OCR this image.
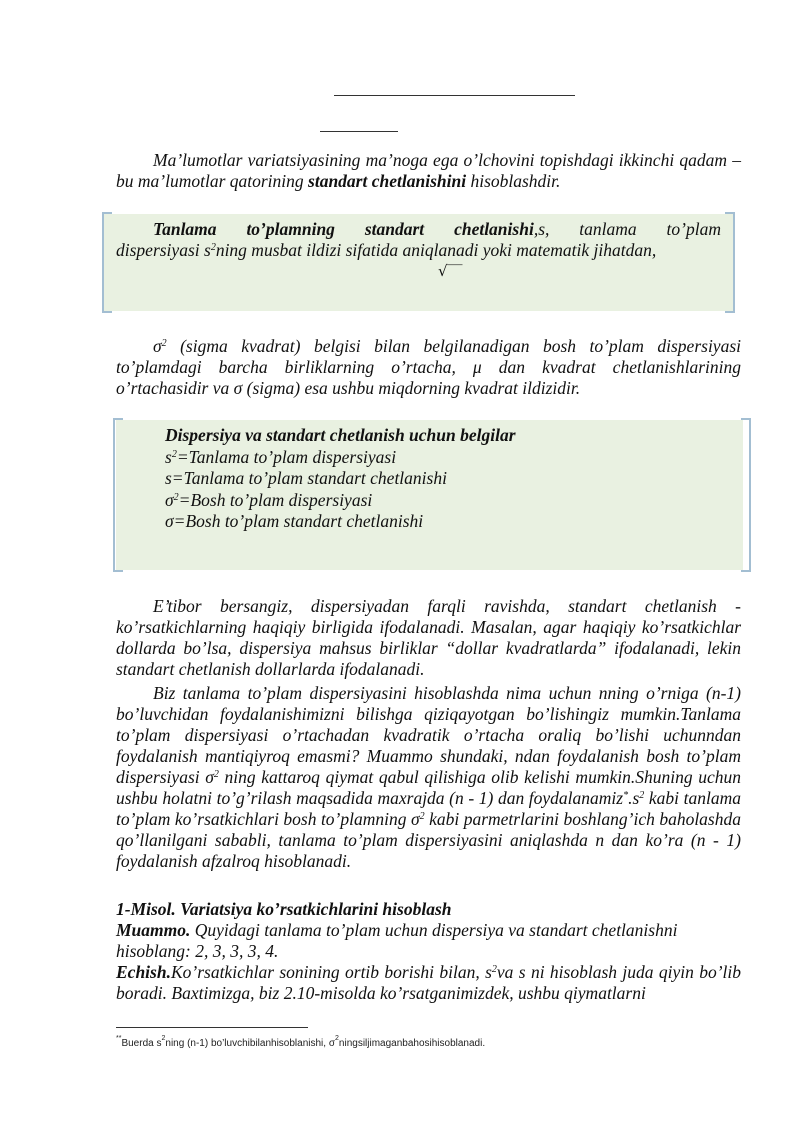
Ma’lumotlar variatsiyasining ma’noga ega o’lchovini topishdagi ikkinchi qadam – bu ma’lumotlar qatorining standart chetlanishini hisoblashdir.

Tanlama to’plamning standart chetlanishi,s, tanlama to’plam
dispersiyasi $s^2ning$ musbat ildizi sifatida aniqlanadi yoki matematik jihatdan,
√‾‾

$\sigma^2$ (sigma kvadrat) belgisi bilan belgilanadigan bosh to’plam dispersiyasi to’plamdagi barcha birliklarning o’rtacha, μ dan kvadrat chetlanishlarining o’rtachasidir va σ (sigma) esa ushbu miqdorning kvadrat ildizidir.

Dispersiya va standart chetlanish uchun belgilar
$s^2=Tanlama$ to’plam dispersiyasi
s=Tanlama to’plam standart chetlanishi
$\sigma^2=Bosh$ to’plam dispersiyasi
σ=Bosh to’plam standart chetlanishi

E’tibor bersangiz, dispersiyadan farqli ravishda, standart chetlanish - ko’rsatkichlarning haqiqiy birligida ifodalanadi. Masalan, agar haqiqiy ko’rsatkichlar dollarda bo’lsa, dispersiya mahsus birliklar “dollar kvadratlarda” ifodalanadi, lekin standart chetlanish dollarlarda ifodalanadi.

Biz tanlama to’plam dispersiyasini hisoblashda nima uchun nning o’rniga (n-1) bo’luvchidan foydalanishimizni bilishga qiziqayotgan bo’lishingiz mumkin.Tanlama to’plam dispersiyasi o’rtachadan kvadratik o’rtacha oraliq bo’lishi uchunndan foydalanish mantiqiyroq emasmi? Muammo shundaki, ndan foydalanish bosh to’plam dispersiyasi $\sigma^2$ ning kattaroq qiymat qabul qilishiga olib kelishi mumkin.Shuning uchun ushbu holatni to’g’rilash maqsadida maxrajda (n - 1) dan $foydalanamiz^*.s^2$ kabi tanlama to’plam ko’rsatkichlari bosh to’plamning $\sigma^2$ kabi parmetrlarini boshlang’ich baholashda qo’llanilgani sababli, tanlama to’plam dispersiyasini aniqlashda n dan ko’ra (n - 1) foydalanish afzalroq hisoblanadi.

1-Misol. Variatsiya ko’rsatkichlarini hisoblash

Muammo. Quyidagi tanlama to’plam uchun dispersiya va standart chetlanishni
hisoblang: 2, 3, 3, 3, 4.

Echish.Ko’rsatkichlar sonining ortib borishi bilan, $s^2va$ s ni hisoblash juda qiyin bo’lib boradi. Baxtimizga, biz 2.10-misolda ko’rsatganimizdek, ushbu qiymatlarni

**Buerda $s^2ning$ (n-1) bo’luvchibilanhisoblanishi, $\sigma^2ningsiljimaganbahosihisoblanadi$.
